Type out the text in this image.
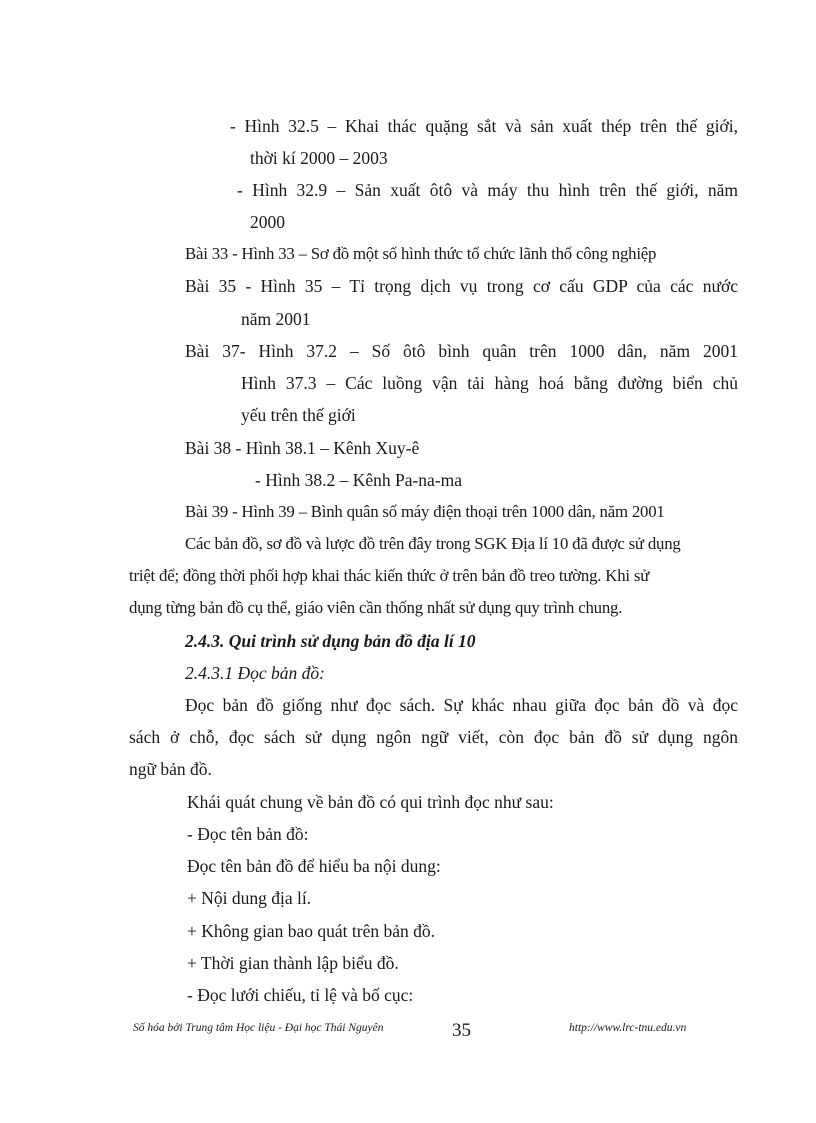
- Hình 32.5 – Khai thác quặng sắt và sản xuất thép trên thế giới,
thời kí 2000 – 2003
- Hình 32.9 – Sản xuất ôtô và máy thu hình trên thế giới, năm
2000
Bài 33 - Hình 33 – Sơ đồ một số hình thức tổ chức lãnh thổ công nghiệp
Bài 35 - Hình 35 – Tỉ trọng dịch vụ trong cơ cấu GDP của các nước
năm 2001
Bài 37- Hình 37.2 – Số ôtô bình quân trên 1000 dân, năm 2001
Hình 37.3 – Các luồng vận tải hàng hoá bằng đường biển chủ
yếu trên thế giới
Bài 38 - Hình 38.1 – Kênh Xuy-ê
- Hình 38.2 – Kênh Pa-na-ma
Bài 39 - Hình 39 – Bình quân số máy điện thoại trên 1000 dân, năm 2001
Các bản đồ, sơ đồ và lược đồ trên đây trong SGK Địa lí 10 đã được sử dụng
triệt để; đồng thời phối hợp khai thác kiến thức ở trên bản đồ treo tường. Khi sử
dụng từng bản đồ cụ thể, giáo viên cần thống nhất sử dụng quy trình chung.
2.4.3. Qui trình sử dụng bản đồ địa lí 10
2.4.3.1 Đọc bản đồ:
Đọc bản đồ giống như đọc sách. Sự khác nhau giữa đọc bản đồ và đọc
sách ở chỗ, đọc sách sử dụng ngôn ngữ viết, còn đọc bản đồ sử dụng ngôn
ngữ bản đồ.
Khái quát chung về bản đồ có qui trình đọc như sau:
- Đọc tên bản đồ:
Đọc tên bản đồ để hiểu ba nội dung:
+ Nội dung địa lí.
+ Không gian bao quát trên bản đồ.
+ Thời gian thành lập biểu đồ.
- Đọc lưới chiếu, tỉ lệ và bố cục:
Số hóa bởi Trung tâm Học liệu - Đại học Thái Nguyên	35	http://www.lrc-tnu.edu.vn
